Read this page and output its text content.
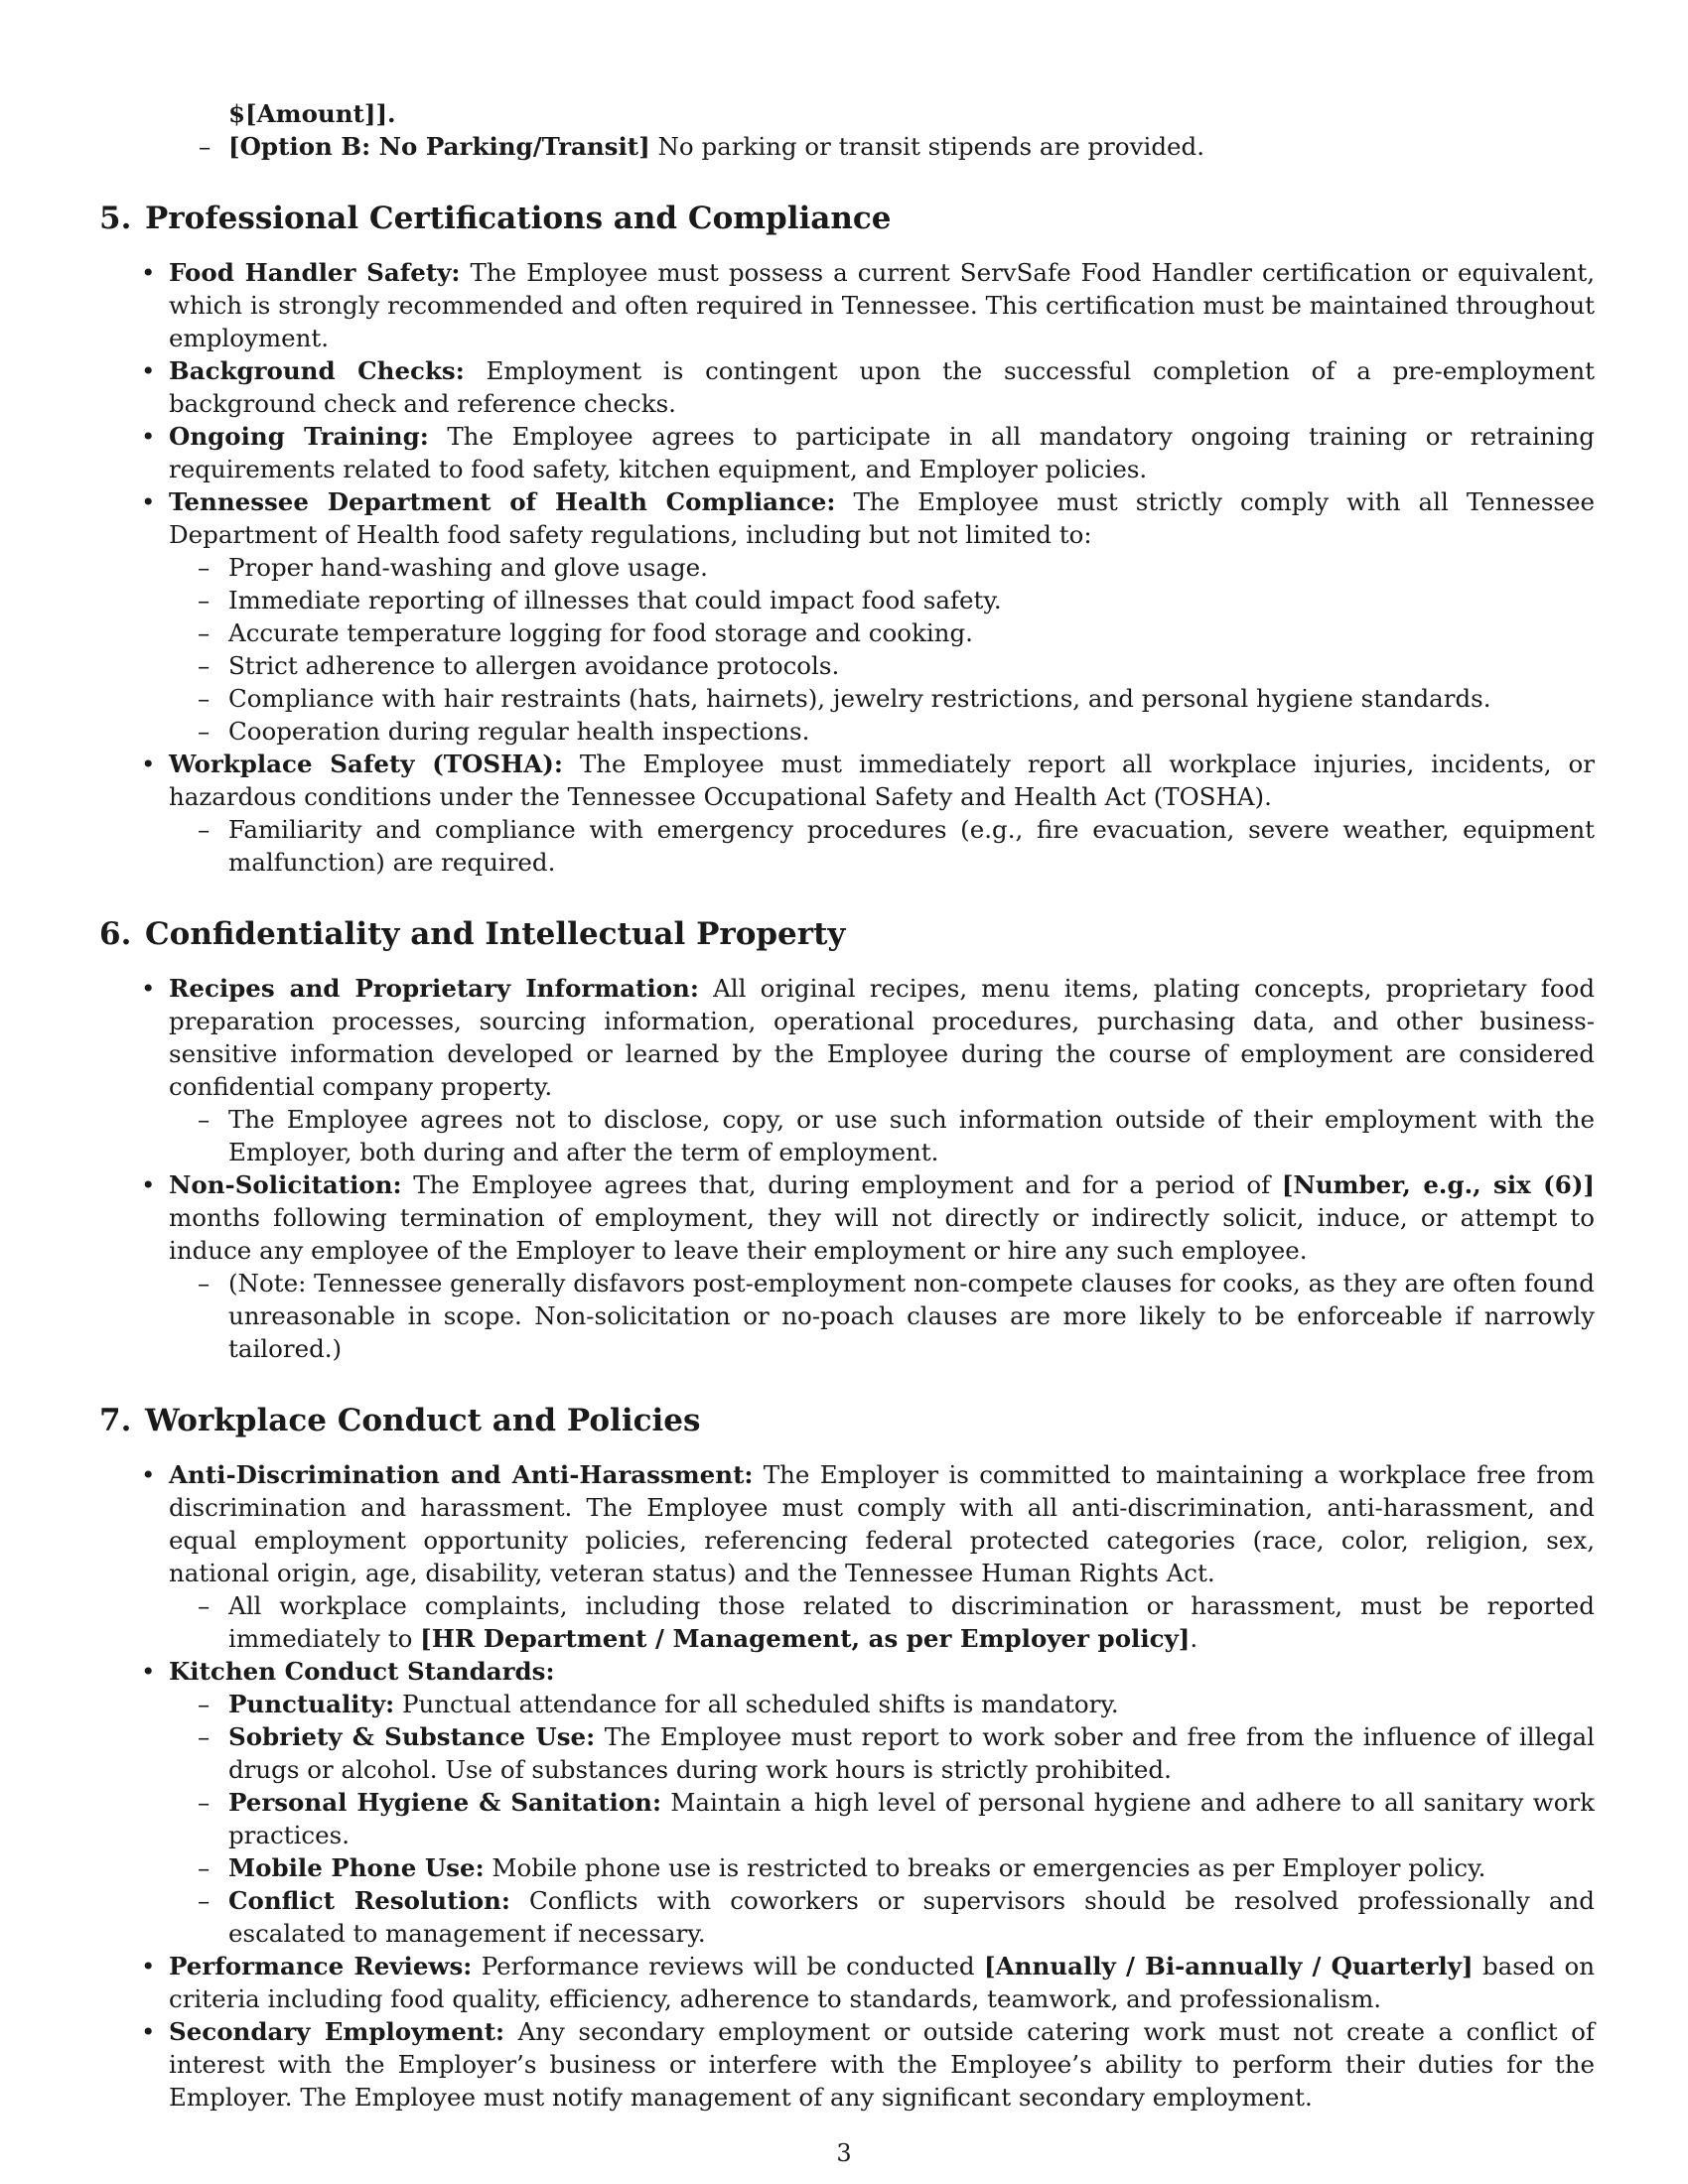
$[Amount]].

– [Option B: No Parking/Transit] No parking or transit stipends are provided.

5. Professional Certifications and Compliance
• Food Handler Safety: The Employee must possess a current ServSafe Food Handler certification or equivalent, which is strongly recommended and often required in Tennessee. This certification must be maintained throughout employment.
• Background Checks: Employment is contingent upon the successful completion of a pre-employment background check and reference checks.
• Ongoing Training: The Employee agrees to participate in all mandatory ongoing training or retraining requirements related to food safety, kitchen equipment, and Employer policies.
• Tennessee Department of Health Compliance: The Employee must strictly comply with all Tennessee Department of Health food safety regulations, including but not limited to:
– Proper hand-washing and glove usage.
– Immediate reporting of illnesses that could impact food safety.
– Accurate temperature logging for food storage and cooking.
– Strict adherence to allergen avoidance protocols.
– Compliance with hair restraints (hats, hairnets), jewelry restrictions, and personal hygiene standards.
– Cooperation during regular health inspections.
• Workplace Safety (TOSHA): The Employee must immediately report all workplace injuries, incidents, or hazardous conditions under the Tennessee Occupational Safety and Health Act (TOSHA).
– Familiarity and compliance with emergency procedures (e.g., fire evacuation, severe weather, equipment malfunction) are required.
6. Confidentiality and Intellectual Property
• Recipes and Proprietary Information: All original recipes, menu items, plating concepts, proprietary food preparation processes, sourcing information, operational procedures, purchasing data, and other business-sensitive information developed or learned by the Employee during the course of employment are considered confidential company property.
– The Employee agrees not to disclose, copy, or use such information outside of their employment with the Employer, both during and after the term of employment.
• Non-Solicitation: The Employee agrees that, during employment and for a period of [Number, e.g., six (6)] months following termination of employment, they will not directly or indirectly solicit, induce, or attempt to induce any employee of the Employer to leave their employment or hire any such employee.
– (Note: Tennessee generally disfavors post-employment non-compete clauses for cooks, as they are often found unreasonable in scope. Non-solicitation or no-poach clauses are more likely to be enforceable if narrowly tailored.)
7. Workplace Conduct and Policies
• Anti-Discrimination and Anti-Harassment: The Employer is committed to maintaining a workplace free from discrimination and harassment. The Employee must comply with all anti-discrimination, anti-harassment, and equal employment opportunity policies, referencing federal protected categories (race, color, religion, sex, national origin, age, disability, veteran status) and the Tennessee Human Rights Act.
– All workplace complaints, including those related to discrimination or harassment, must be reported immediately to [HR Department / Management, as per Employer policy].
• Kitchen Conduct Standards:
– Punctuality: Punctual attendance for all scheduled shifts is mandatory.
– Sobriety & Substance Use: The Employee must report to work sober and free from the influence of illegal drugs or alcohol. Use of substances during work hours is strictly prohibited.
– Personal Hygiene & Sanitation: Maintain a high level of personal hygiene and adhere to all sanitary work practices.
– Mobile Phone Use: Mobile phone use is restricted to breaks or emergencies as per Employer policy.
– Conflict Resolution: Conflicts with coworkers or supervisors should be resolved professionally and escalated to management if necessary.
• Performance Reviews: Performance reviews will be conducted [Annually / Bi-annually / Quarterly] based on criteria including food quality, efficiency, adherence to standards, teamwork, and professionalism.
• Secondary Employment: Any secondary employment or outside catering work must not create a conflict of interest with the Employer’s business or interfere with the Employee’s ability to perform their duties for the Employer. The Employee must notify management of any significant secondary employment.
3
